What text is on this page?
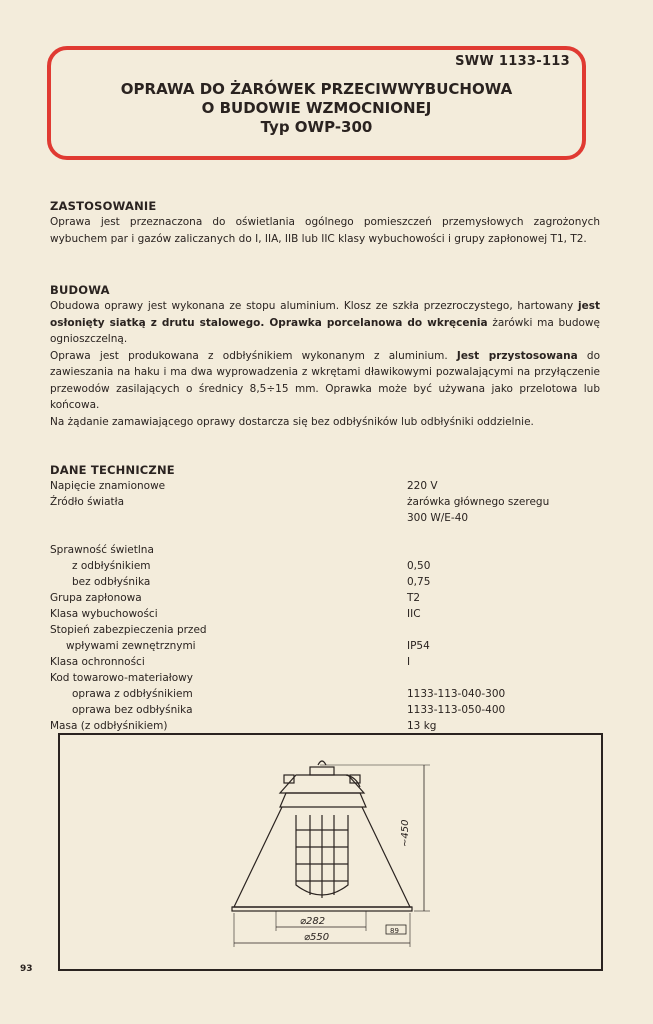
SWW 1133-113
OPRAWA DO ŻARÓWEK PRZECIWWYBUCHOWA
O BUDOWIE WZMOCNIONEJ
Typ OWP-300
ZASTOSOWANIE

Oprawa jest przeznaczona do oświetlania ogólnego pomieszczeń przemysłowych zagrożonych wybuchem par i gazów zaliczanych do I, IIA, IIB lub IIC klasy wybuchowości i grupy zapłonowej T1, T2.

BUDOWA

Obudowa oprawy jest wykonana ze stopu aluminium. Klosz ze szkła przezroczystego, hartowany jest osłonięty siatką z drutu stalowego. Oprawka porcelanowa do wkręcenia żarówki ma budowę ognioszczelną.

Oprawa jest produkowana z odbłyśnikiem wykonanym z aluminium. Jest przystosowana do zawieszania na haku i ma dwa wyprowadzenia z wkrętami dławikowymi pozwalającymi na przyłączenie przewodów zasilających o średnicy 8,5÷15 mm. Oprawka może być używana jako przelotowa lub końcowa.

Na żądanie zamawiającego oprawy dostarcza się bez odbłyśników lub odbłyśniki oddzielnie.

DANE TECHNICZNE
Napięcie znamionowe	220 V
Źródło światła	żarówka głównego szeregu
300 W/E-40
Sprawność świetlna
z odbłyśnikiem	0,50
bez odbłyśnika	0,75
Grupa zapłonowa	T2
Klasa wybuchowości	IIC
Stopień zabezpieczenia przed
wpływami zewnętrznymi	IP54
Klasa ochronności	I
Kod towarowo-materiałowy
oprawa z odbłyśnikiem	1133-113-040-300
oprawa bez odbłyśnika	1133-113-050-400
Masa (z odbłyśnikiem)	13 kg
~450
⌀282
⌀550
89
93
